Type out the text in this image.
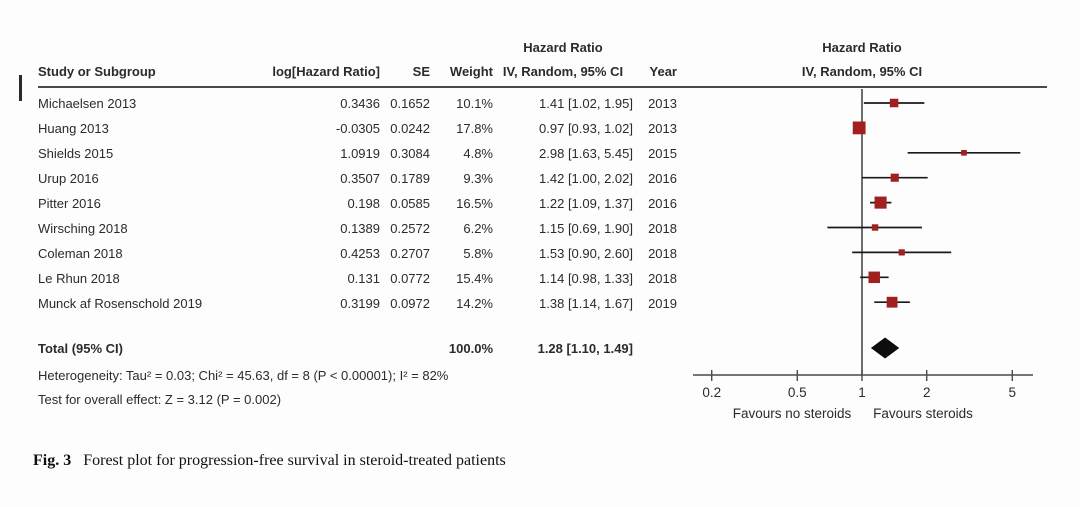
Hazard Ratio	Hazard Ratio
IV, Random, 95% CI
Study or Subgroup	log[Hazard Ratio]	SE	Weight IV, Random, 95% CI	Year
Michaelsen 2013	0.3436 0.1652	10.1%	1.41 [1.02, 1.95]	2013
Huang 2013	-0.0305 0.0242	17.8%	0.97 [0.93, 1.02]	2013
Shields 2015	1.0919 0.3084	4.8%	2.98 [1.63, 5.45]	2015
Urup 2016	0.3507 0.1789	9.3%	1.42 [1.00, 2.02]	2016
Pitter 2016	0.198 0.0585	16.5%	1.22 [1.09, 1.37]	2016
Wirsching 2018	0.1389 0.2572	6.2%	1.15 [0.69, 1.90]	2018
Coleman 2018	0.4253 0.2707	5.8%	1.53 [0.90, 2.60]	2018
Le Rhun 2018	0.131 0.0772	15.4%	1.14 [0.98, 1.33]	2018
Munck af Rosenschold 2019	0.3199 0.0972	14.2%	1.38 [1.14, 1.67]	2019
Total (95% CI)	100.0%	1.28 [1.10, 1.49]
Heterogeneity: Tau² = 0.03; Chi² = 45.63, df = 8 (P < 0.00001); I² = 82%
Test for overall effect: Z = 3.12 (P = 0.002)	0.2	0.5	1	2	5
Favours no steroids Favours steroids
Fig. 3 Forest plot for progression-free survival in steroid-treated patients
